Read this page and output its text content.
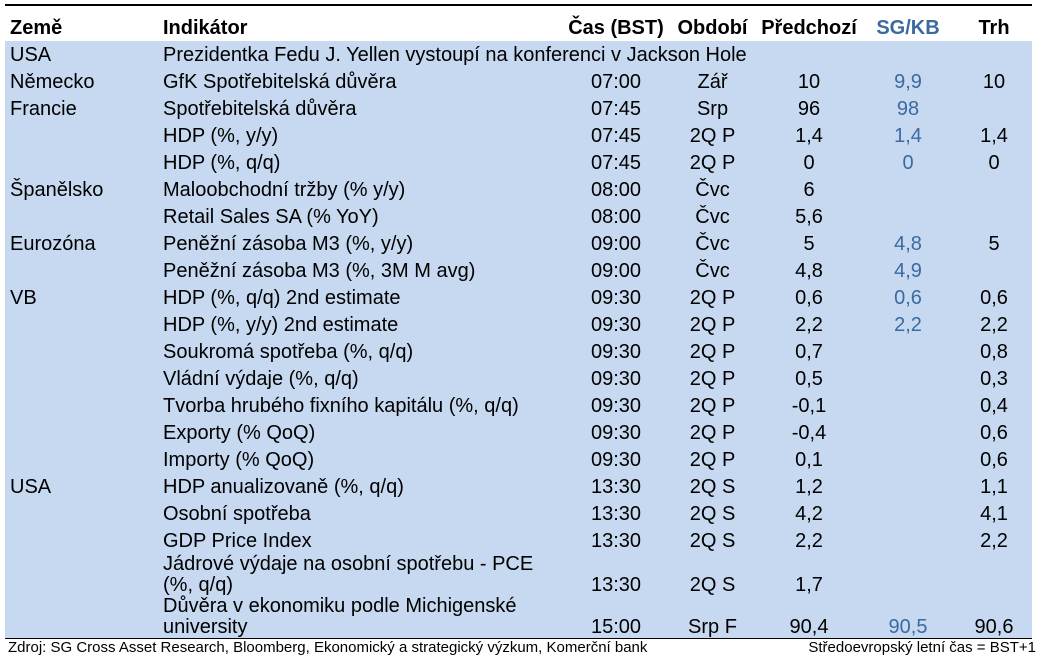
Země	Indikátor	Čas (BST)	Období	Předchozí	SG/KB	Trh
USA	Prezidentka Fedu J. Yellen vystoupí na konferenci v Jackson Hole					
Německo	GfK Spotřebitelská důvěra	07:00	Zář	10	9,9	10
Francie	Spotřebitelská důvěra	07:45	Srp	96	98	
	HDP (%, y/y)	07:45	2Q P	1,4	1,4	1,4
	HDP (%, q/q)	07:45	2Q P	0	0	0
Španělsko	Maloobchodní tržby (% y/y)	08:00	Čvc	6		
	Retail Sales SA (% YoY)	08:00	Čvc	5,6		
Eurozóna	Peněžní zásoba M3 (%, y/y)	09:00	Čvc	5	4,8	5
	Peněžní zásoba M3 (%, 3M M avg)	09:00	Čvc	4,8	4,9	
VB	HDP (%, q/q) 2nd estimate	09:30	2Q P	0,6	0,6	0,6
	HDP (%, y/y) 2nd estimate	09:30	2Q P	2,2	2,2	2,2
	Soukromá spotřeba (%, q/q)	09:30	2Q P	0,7		0,8
	Vládní výdaje (%, q/q)	09:30	2Q P	0,5		0,3
	Tvorba hrubého fixního kapitálu (%, q/q)	09:30	2Q P	-0,1		0,4
	Exporty (% QoQ)	09:30	2Q P	-0,4		0,6
	Importy (% QoQ)	09:30	2Q P	0,1		0,6
USA	HDP anualizovaně (%, q/q)	13:30	2Q S	1,2		1,1
	Osobní spotřeba	13:30	2Q S	4,2		4,1
	GDP Price Index	13:30	2Q S	2,2		2,2
	Jádrové výdaje na osobní spotřebu - PCE (%, q/q)	13:30	2Q S	1,7		
	Důvěra v ekonomiku podle Michigenské university	15:00	Srp F	90,4	90,5	90,6
Zdroj: SG Cross Asset Research, Bloomberg, Ekonomický a strategický výzkum, Komerční bank	Středoevropský letní čas = BST+1
